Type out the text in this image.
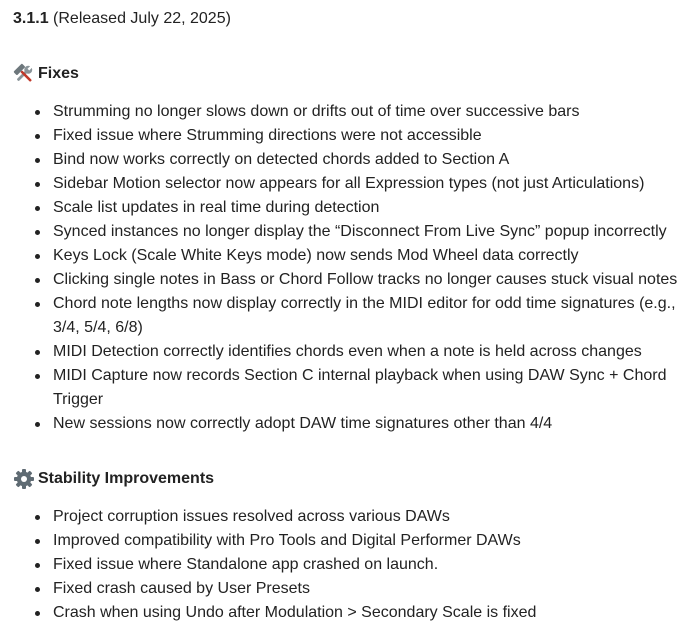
3.1.1 (Released July 22, 2025)
Fixes
Strumming no longer slows down or drifts out of time over successive bars
Fixed issue where Strumming directions were not accessible
Bind now works correctly on detected chords added to Section A
Sidebar Motion selector now appears for all Expression types (not just Articulations)
Scale list updates in real time during detection
Synced instances no longer display the “Disconnect From Live Sync” popup incorrectly
Keys Lock (Scale White Keys mode) now sends Mod Wheel data correctly
Clicking single notes in Bass or Chord Follow tracks no longer causes stuck visual notes
Chord note lengths now display correctly in the MIDI editor for odd time signatures (e.g., 3/4, 5/4, 6/8)
MIDI Detection correctly identifies chords even when a note is held across changes
MIDI Capture now records Section C internal playback when using DAW Sync + Chord Trigger
New sessions now correctly adopt DAW time signatures other than 4/4
Stability Improvements
Project corruption issues resolved across various DAWs
Improved compatibility with Pro Tools and Digital Performer DAWs
Fixed issue where Standalone app crashed on launch.
Fixed crash caused by User Presets
Crash when using Undo after Modulation > Secondary Scale is fixed
